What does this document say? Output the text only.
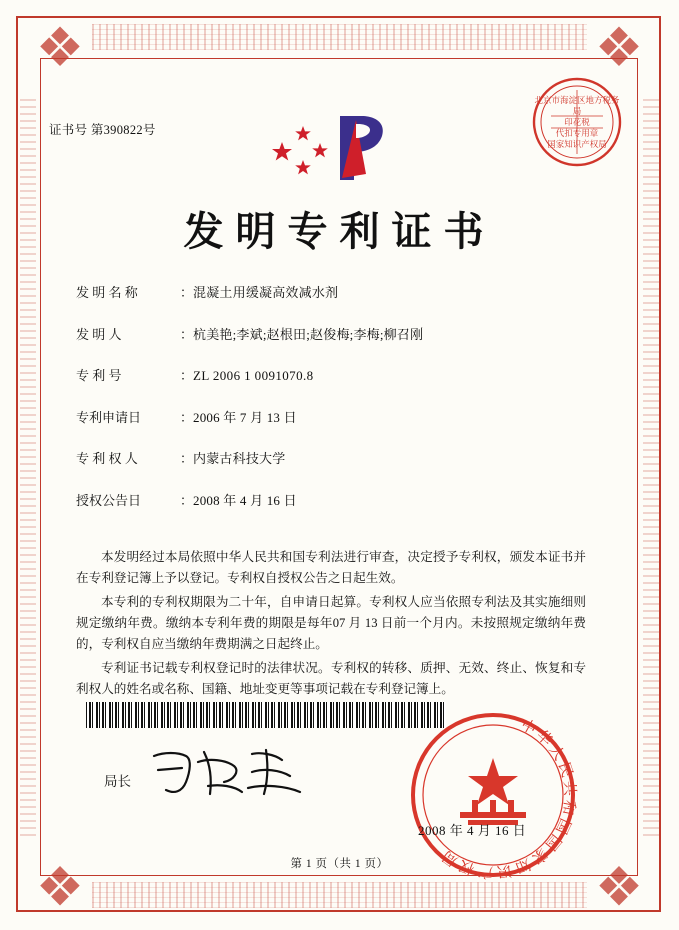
❖	❖
❖	❖
证书号 第390822号
北京市海淀区地方税务局
印花税
代扣专用章
国家知识产权局
发明专利证书
发 明 名 称	： 混凝土用缓凝高效减水剂
发 明 人	： 杭美艳;李斌;赵根田;赵俊梅;李梅;柳召刚
专 利 号	： ZL 2006 1 0091070.8
专利申请日	： 2006 年 7 月 13 日
专 利 权 人	： 内蒙古科技大学
授权公告日	： 2008 年 4 月 16 日

本发明经过本局依照中华人民共和国专利法进行审查，决定授予专利权，颁发本证书并在专利登记簿上予以登记。专利权自授权公告之日起生效。

本专利的专利权期限为二十年，自申请日起算。专利权人应当依照专利法及其实施细则规定缴纳年费。缴纳本专利年费的期限是每年07 月 13 日前一个月内。未按照规定缴纳年费的，专利权自应当缴纳年费期满之日起终止。

专利证书记载专利权登记时的法律状况。专利权的转移、质押、无效、终止、恢复和专利权人的姓名或名称、国籍、地址变更等事项记载在专利登记簿上。

局长
中华人民共和国国家知识产权局
2008 年 4 月 16 日
第 1 页（共 1 页）
